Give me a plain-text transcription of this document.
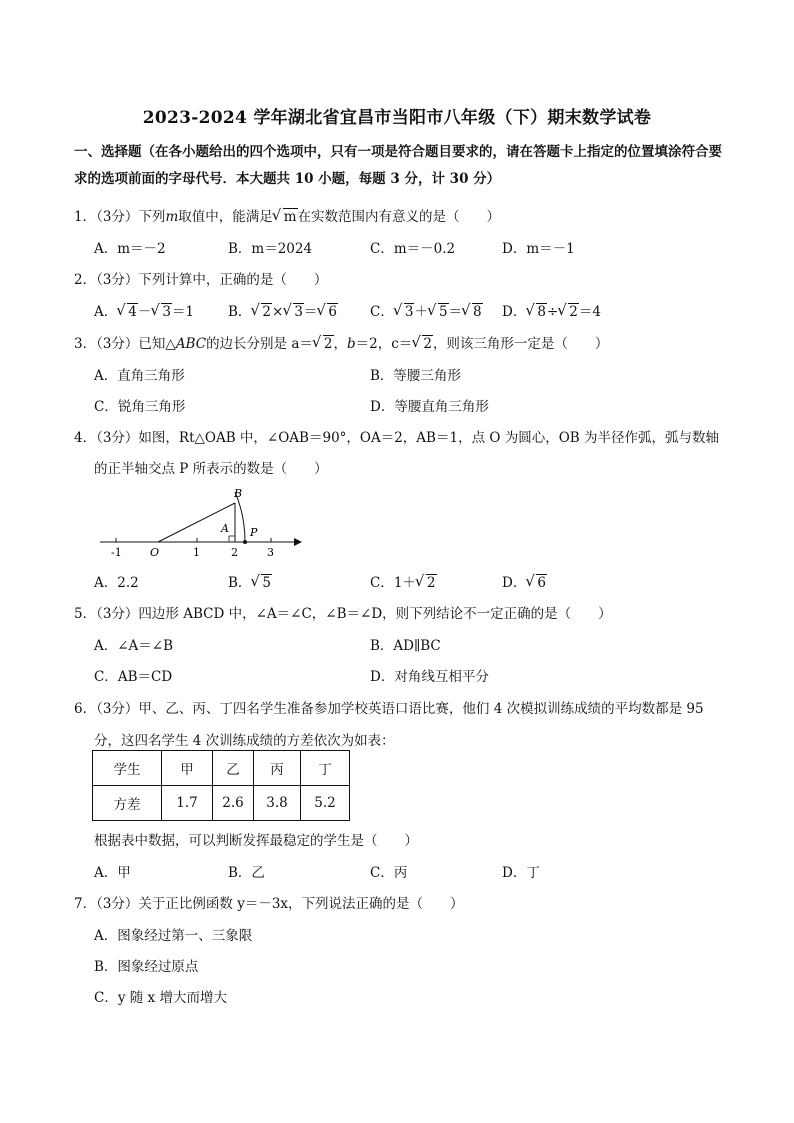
2023-2024 学年湖北省宜昌市当阳市八年级（下）期末数学试卷
一、选择题（在各小题给出的四个选项中，只有一项是符合题目要求的，请在答题卡上指定的位置填涂符合要求的选项前面的字母代号．本大题共 10 小题，每题 3 分，计 30 分）
1．（3分）下列m取值中，能满足 √ m在实数范围内有意义的是（　　）
A．m＝－2	B．m＝2024	C．m＝－0.2	D．m＝－1
2．（3分）下列计算中，正确的是（　　）
A． √ 4－ √ 3＝1	B． √ 2× √ 3＝ √ 6 C． √ 3＋ √ 5＝ √ 8 D． √ 8÷ √ 2＝4
3．（3分）已知△ABC的边长分别是 a＝ √ 2，b＝2，c＝ √ 2，则该三角形一定是（　　）
A．直角三角形	B．等腰三角形
C．锐角三角形	D．等腰直角三角形
4．（3分）如图，Rt△OAB 中，∠OAB＝90°，OA＝2，AB＝1，点 O 为圆心，OB 为半径作弧，弧与数轴
的正半轴交点 P 所表示的数是（　　）
B
A P
O
-1	1	2	3
A．2.2	B． √ 5	C．1＋ √ 2	D． √ 6
5．（3分）四边形 ABCD 中，∠A＝∠C，∠B＝∠D，则下列结论不一定正确的是（　　）
A．∠A＝∠B	B．AD∥BC
C．AB＝CD	D．对角线互相平分
6．（3分）甲、乙、丙、丁四名学生准备参加学校英语口语比赛，他们 4 次模拟训练成绩的平均数都是 95
分，这四名学生 4 次训练成绩的方差依次为如表：
学生	甲	乙	丙	丁
方差	1.7	2.6	3.8	5.2
根据表中数据，可以判断发挥最稳定的学生是（　　）
A．甲	B．乙	C．丙	D．丁
7．（3分）关于正比例函数 y＝－3x，下列说法正确的是（　　）
A．图象经过第一、三象限
B．图象经过原点
C．y 随 x 增大而增大
